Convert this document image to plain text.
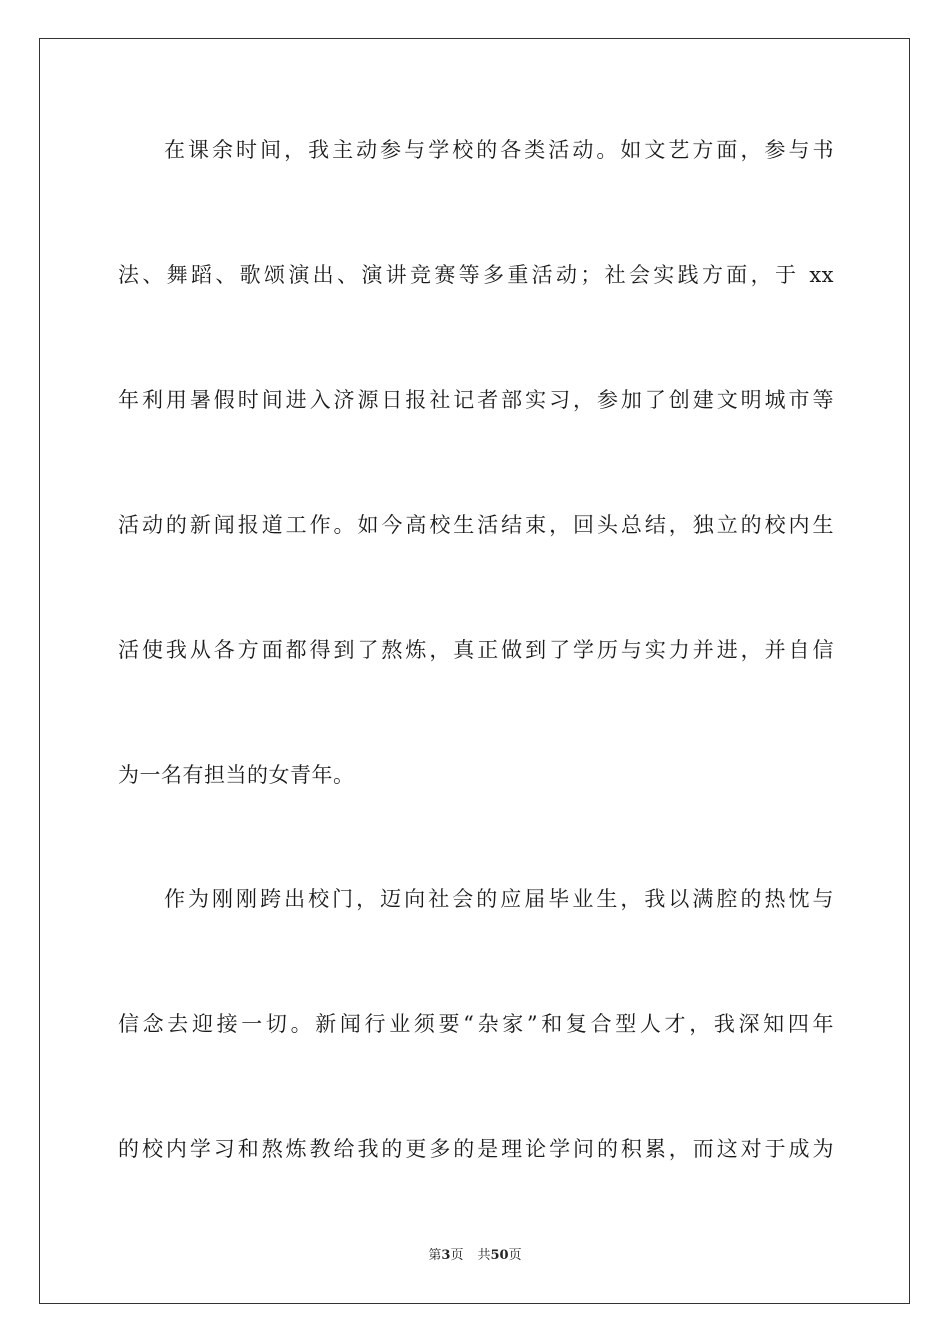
在课余时间，我主动参与学校的各类活动。如文艺方面，参与书
法、舞蹈、歌颂演出、演讲竞赛等多重活动；社会实践方面，于 xx
年利用暑假时间进入济源日报社记者部实习，参加了创建文明城市等
活动的新闻报道工作。如今高校生活结束，回头总结，独立的校内生
活使我从各方面都得到了熬炼，真正做到了学历与实力并进，并自信
为一名有担当的女青年。
作为刚刚跨出校门，迈向社会的应届毕业生，我以满腔的热忱与
信念去迎接一切。新闻行业须要“杂家”和复合型人才，我深知四年
的校内学习和熬炼教给我的更多的是理论学问的积累，而这对于成为
第3页 共50页
